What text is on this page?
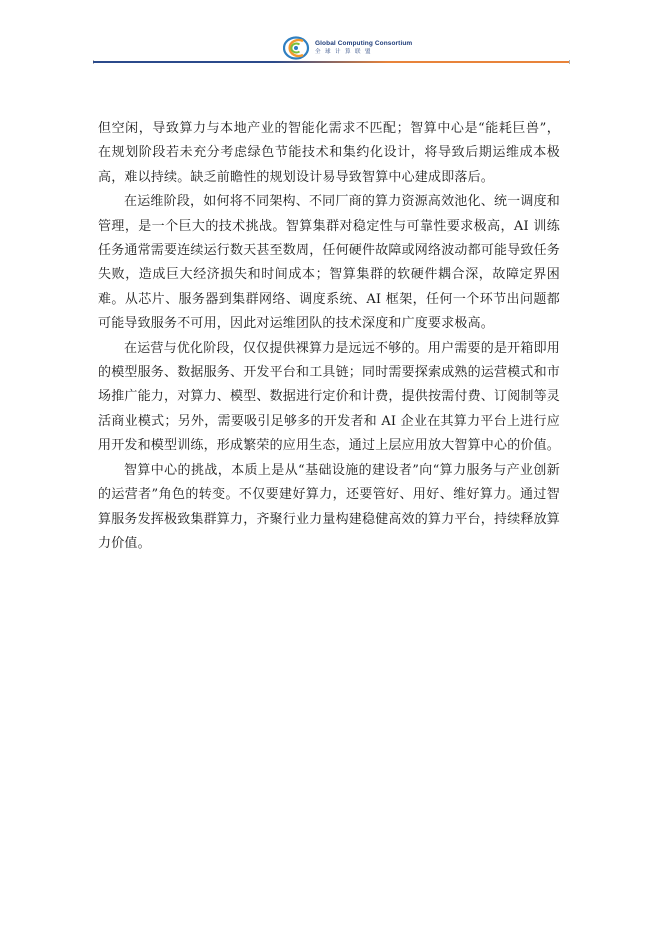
Global Computing Consortium
全球计算联盟

但空闲，导致算力与本地产业的智能化需求不匹配；智算中心是“能耗巨兽”，在规划阶段若未充分考虑绿色节能技术和集约化设计，将导致后期运维成本极高，难以持续。缺乏前瞻性的规划设计易导致智算中心建成即落后。

在运维阶段，如何将不同架构、不同厂商的算力资源高效池化、统一调度和管理，是一个巨大的技术挑战。智算集群对稳定性与可靠性要求极高，AI 训练任务通常需要连续运行数天甚至数周，任何硬件故障或网络波动都可能导致任务失败，造成巨大经济损失和时间成本；智算集群的软硬件耦合深，故障定界困难。从芯片、服务器到集群网络、调度系统、AI 框架，任何一个环节出问题都可能导致服务不可用，因此对运维团队的技术深度和广度要求极高。

在运营与优化阶段，仅仅提供裸算力是远远不够的。用户需要的是开箱即用的模型服务、数据服务、开发平台和工具链；同时需要探索成熟的运营模式和市场推广能力，对算力、模型、数据进行定价和计费，提供按需付费、订阅制等灵活商业模式；另外，需要吸引足够多的开发者和 AI 企业在其算力平台上进行应用开发和模型训练，形成繁荣的应用生态，通过上层应用放大智算中心的价值。

智算中心的挑战，本质上是从“基础设施的建设者”向“算力服务与产业创新的运营者”角色的转变。不仅要建好算力，还要管好、用好、维好算力。通过智算服务发挥极致集群算力，齐聚行业力量构建稳健高效的算力平台，持续释放算力价值。
